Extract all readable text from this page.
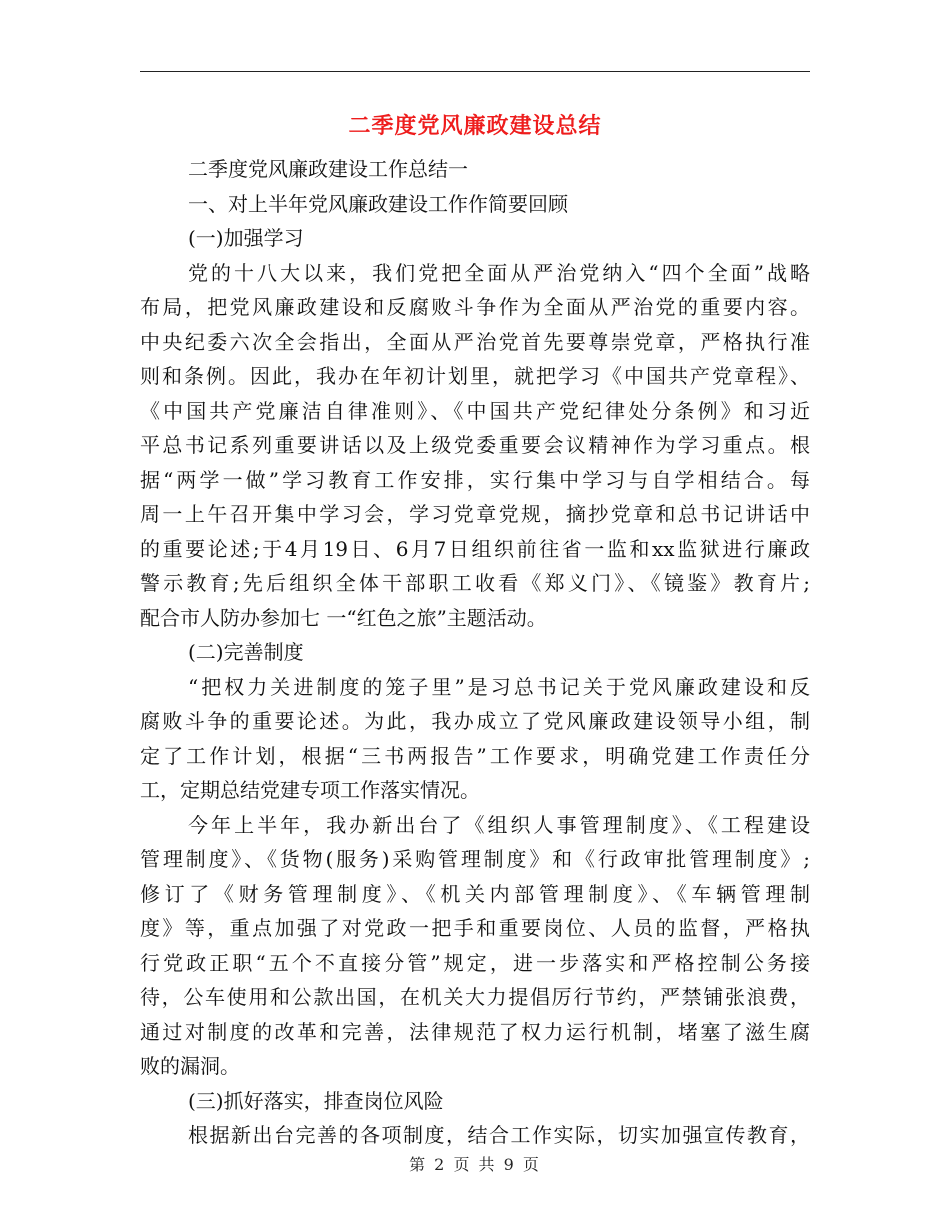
二季度党风廉政建设总结
二季度党风廉政建设工作总结一
一、对上半年党风廉政建设工作作简要回顾
(一)加强学习
党的十八大以来，我们党把全面从严治党纳入“四个全面”战略
布局，把党风廉政建设和反腐败斗争作为全面从严治党的重要内容。
中央纪委六次全会指出，全面从严治党首先要尊崇党章，严格执行准
则和条例。因此，我办在年初计划里，就把学习《中国共产党章程》、
《中国共产党廉洁自律准则》、《中国共产党纪律处分条例》和习近
平总书记系列重要讲话以及上级党委重要会议精神作为学习重点。根
据“两学一做”学习教育工作安排，实行集中学习与自学相结合。每
周一上午召开集中学习会，学习党章党规，摘抄党章和总书记讲话中
的重要论述;于4月19日、6月7日组织前往省一监和xx监狱进行廉政
警示教育;先后组织全体干部职工收看《郑义门》、《镜鉴》教育片;
配合市人防办参加七 一“红色之旅”主题活动。
(二)完善制度
“把权力关进制度的笼子里”是习总书记关于党风廉政建设和反
腐败斗争的重要论述。为此，我办成立了党风廉政建设领导小组，制
定了工作计划，根据“三书两报告”工作要求，明确党建工作责任分
工，定期总结党建专项工作落实情况。
今年上半年，我办新出台了《组织人事管理制度》、《工程建设
管理制度》、《货物(服务)采购管理制度》和《行政审批管理制度》;
修订了《财务管理制度》、《机关内部管理制度》、《车辆管理制
度》等，重点加强了对党政一把手和重要岗位、人员的监督，严格执
行党政正职“五个不直接分管”规定，进一步落实和严格控制公务接
待，公车使用和公款出国，在机关大力提倡厉行节约，严禁铺张浪费，
通过对制度的改革和完善，法律规范了权力运行机制，堵塞了滋生腐
败的漏洞。
(三)抓好落实，排查岗位风险
根据新出台完善的各项制度，结合工作实际，切实加强宣传教育，
第 2 页 共 9 页
